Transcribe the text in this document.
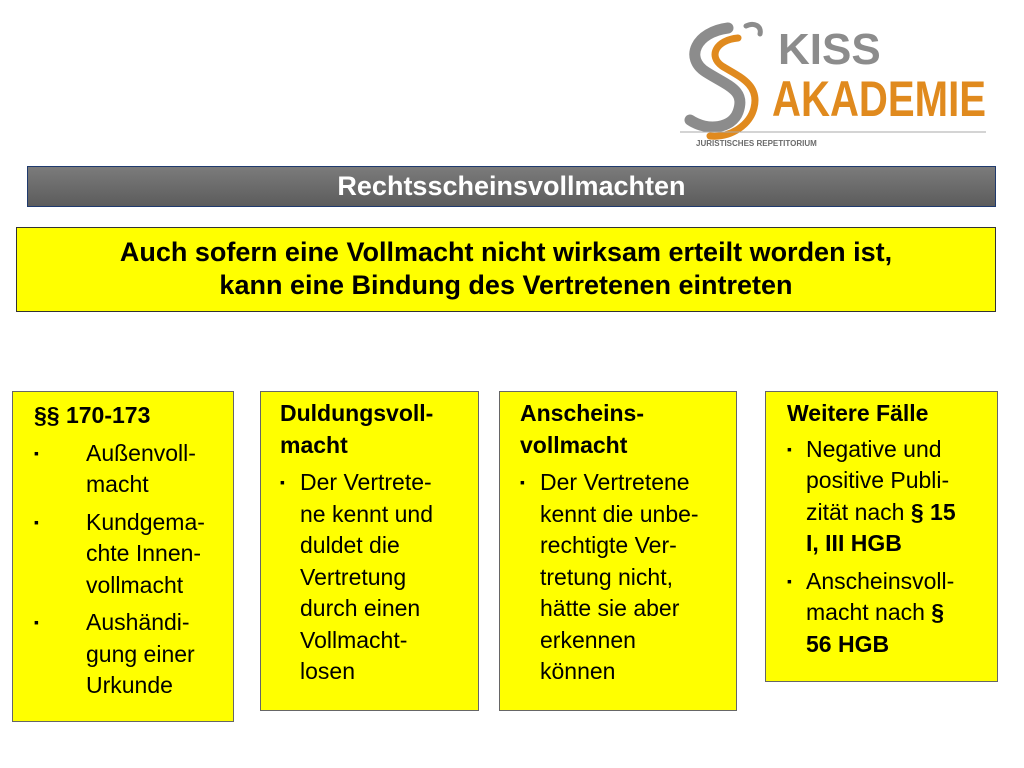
KISS
AKADEMIE
JURISTISCHES REPETITORIUM
Rechtsscheinsvollmachten
Auch sofern eine Vollmacht nicht wirksam erteilt worden ist,
kann eine Bindung des Vertretenen eintreten
§§ 170-173
▪ Außenvoll-
macht
▪ Kundgema-
chte Innen-
vollmacht
▪ Aushändi-
gung einer
Urkunde
Duldungsvoll-
macht
▪ Der Vertrete-
ne kennt und
duldet die
Vertretung
durch einen
Vollmacht-
losen
Anscheins-
vollmacht
▪ Der Vertretene
kennt die unbe-
rechtigte Ver-
tretung nicht,
hätte sie aber
erkennen
können
Weitere Fälle
▪ Negative und
positive Publi-
zität nach § 15
I, III HGB
▪ Anscheinsvoll-
macht nach §
56 HGB
